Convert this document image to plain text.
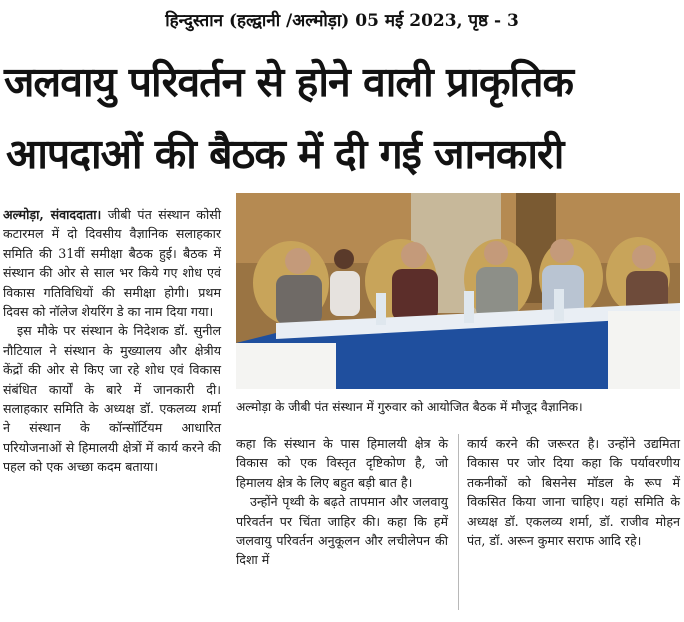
हिन्दुस्तान (हल्द्वानी /अल्मोड़ा) 05 मई 2023, पृष्ठ - 3
जलवायु परिवर्तन से होने वाली प्राकृतिक
आपदाओं की बैठक में दी गई जानकारी

अल्मोड़ा, संवाददाता। जीबी पंत संस्थान कोसी कटारमल में दो दिवसीय वैज्ञानिक सलाहकार समिति की 31वीं समीक्षा बैठक हुई। बैठक में संस्थान की ओर से साल भर किये गए शोध एवं विकास गतिविधियों की समीक्षा होगी। प्रथम दिवस को नॉलेज शेयरिंग डे का नाम दिया गया।

इस मौके पर संस्थान के निदेशक डॉ. सुनील नौटियाल ने संस्थान के मुख्यालय और क्षेत्रीय केंद्रों की ओर से किए जा रहे शोध एवं विकास संबंधित कार्यों के बारे में जानकारी दी। सलाहकार समिति के अध्यक्ष डॉ. एकलव्य शर्मा ने संस्थान के कॉन्सॉर्टियम आधारित परियोजनाओं से हिमालयी क्षेत्रों में कार्य करने की पहल को एक अच्छा कदम बताया।

अल्मोड़ा के जीबी पंत संस्थान में गुरुवार को आयोजित बैठक में मौजूद वैज्ञानिक।

कहा कि संस्थान के पास हिमालयी क्षेत्र के विकास को एक विस्तृत दृष्टिकोण है, जो हिमालय क्षेत्र के लिए बहुत बड़ी बात है।

उन्होंने पृथ्वी के बढ़ते तापमान और जलवायु परिवर्तन पर चिंता जाहिर की। कहा कि हमें जलवायु परिवर्तन अनुकूलन और लचीलेपन की दिशा में

कार्य करने की जरूरत है। उन्होंने उद्यमिता विकास पर जोर दिया कहा कि पर्यावरणीय तकनीकों को बिसनेस मॉडल के रूप में विकसित किया जाना चाहिए। यहां समिति के अध्यक्ष डॉ. एकलव्य शर्मा, डॉ. राजीव मोहन पंत, डॉ. अरून कुमार सराफ आदि रहे।
